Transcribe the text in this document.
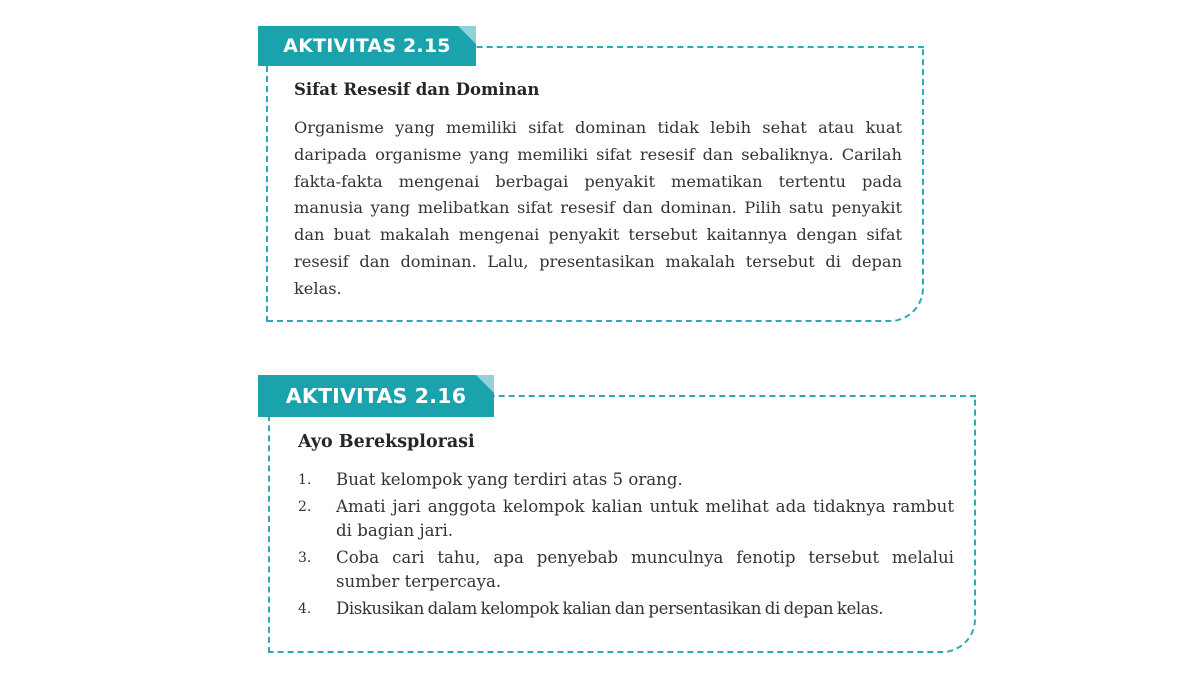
AKTIVITAS 2.15
Sifat Resesif dan Dominan
Organisme yang memiliki sifat dominan tidak lebih sehat atau kuat daripada organisme yang memiliki sifat resesif dan sebaliknya. Carilah fakta-fakta mengenai berbagai penyakit mematikan tertentu pada manusia yang melibatkan sifat resesif dan dominan. Pilih satu penyakit dan buat makalah mengenai penyakit tersebut kaitannya dengan sifat resesif dan dominan. Lalu, presentasikan makalah tersebut di depan kelas.
AKTIVITAS 2.16
Ayo Bereksplorasi
1. Buat kelompok yang terdiri atas 5 orang.
2. Amati jari anggota kelompok kalian untuk melihat ada tidaknya rambut di bagian jari.
3. Coba cari tahu, apa penyebab munculnya fenotip tersebut melalui sumber terpercaya.
4. Diskusikan dalam kelompok kalian dan persentasikan di depan kelas.
